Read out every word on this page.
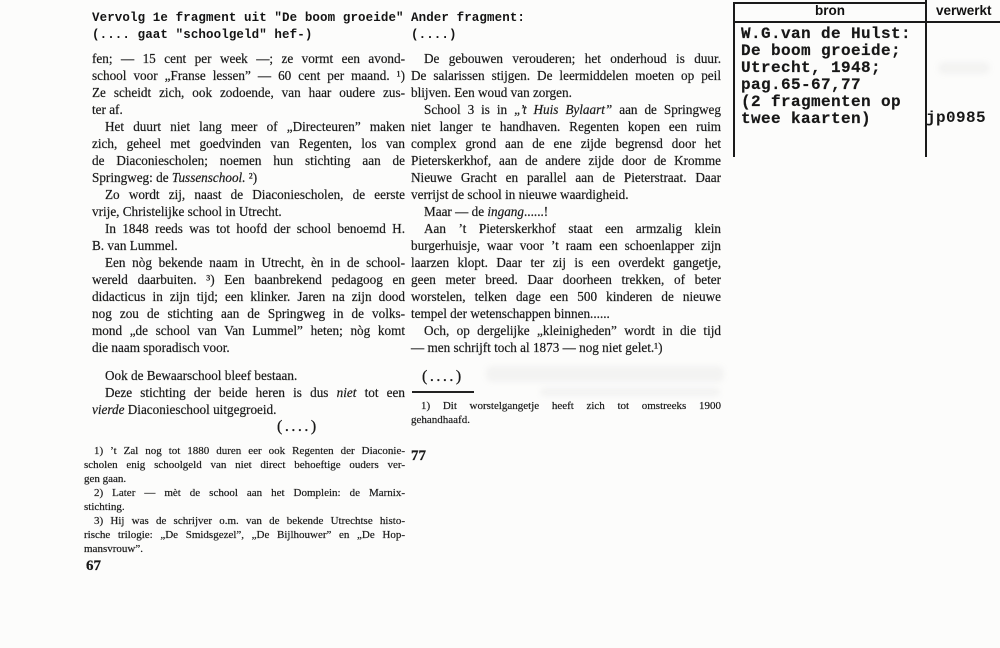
Vervolg 1e fragment uit "De boom groeide"
(.... gaat "schoolgeld" hef-)
fen; — 15 cent per week —; ze vormt een avond-
school voor „Franse lessen” — 60 cent per maand. ¹)
Ze scheidt zich, ook zodoende, van haar oudere zus-
ter af.
Het duurt niet lang meer of „Directeuren” maken
zich, geheel met goedvinden van Regenten, los van
de Diaconiescholen; noemen hun stichting aan de
Springweg: de Tussenschool. ²)
Zo wordt zij, naast de Diaconiescholen, de eerste
vrije, Christelijke school in Utrecht.
In 1848 reeds was tot hoofd der school benoemd H.
B. van Lummel.
Een nòg bekende naam in Utrecht, èn in de school-
wereld daarbuiten. ³) Een baanbrekend pedagoog en
didacticus in zijn tijd; een klinker. Jaren na zijn dood
nog zou de stichting aan de Springweg in de volks-
mond „de school van Van Lummel” heten; nòg komt
die naam sporadisch voor.
Ook de Bewaarschool bleef bestaan.
Deze stichting der beide heren is dus niet tot een
vierde Diaconieschool uitgegroeid.
(....)
1) ’t Zal nog tot 1880 duren eer ook Regenten der Diaconie-
scholen enig schoolgeld van niet direct behoeftige ouders ver-
gen gaan.
2) Later — mèt de school aan het Domplein: de Marnix-
stichting.
3) Hij was de schrijver o.m. van de bekende Utrechtse histo-
rische trilogie: „De Smidsgezel”, „De Bijlhouwer” en „De Hop-
mansvrouw”.
67
Ander fragment:
(....)
De gebouwen verouderen; het onderhoud is duur.
De salarissen stijgen. De leermiddelen moeten op peil
blijven. Een woud van zorgen.
School 3 is in „’t Huis Bylaart” aan de Springweg
niet langer te handhaven. Regenten kopen een ruim
complex grond aan de ene zijde begrensd door het
Pieterskerkhof, aan de andere zijde door de Kromme
Nieuwe Gracht en parallel aan de Pieterstraat. Daar
verrijst de school in nieuwe waardigheid.
Maar — de ingang......!
Aan ’t Pieterskerkhof staat een armzalig klein
burgerhuisje, waar voor ’t raam een schoenlapper zijn
laarzen klopt. Daar ter zij is een overdekt gangetje,
geen meter breed. Daar doorheen trekken, of beter
worstelen, telken dage een 500 kinderen de nieuwe
tempel der wetenschappen binnen......
Och, op dergelijke „kleinigheden” wordt in die tijd
— men schrijft toch al 1873 — nog niet gelet.¹)
(....)
1) Dit worstelgangetje heeft zich tot omstreeks 1900
gehandhaafd.
77
bron	verwerkt
W.G.van de Hulst:
De boom groeide;
Utrecht, 1948;
pag.65-67,77
(2 fragmenten op
twee kaarten)	jp0985
